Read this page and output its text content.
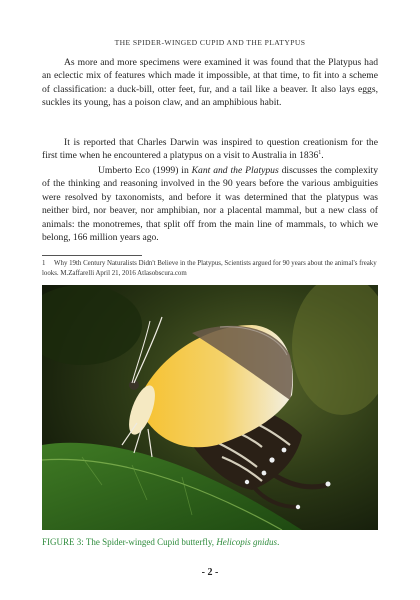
THE SPIDER-WINGED CUPID AND THE PLATYPUS

As more and more specimens were examined it was found that the Platypus had an eclectic mix of features which made it impossible, at that time, to fit into a scheme of classification: a duck-bill, otter feet, fur, and a tail like a beaver. It also lays eggs, suckles its young, has a poison claw, and an amphibious habit.

It is reported that Charles Darwin was inspired to question creationism for the first time when he encountered a platypus on a visit to Australia in 1836$^1$.

Umberto Eco (1999) in Kant and the Platypus discusses the complexity of the thinking and reasoning involved in the 90 years before the various ambiguities were resolved by taxonomists, and before it was determined that the platypus was neither bird, nor beaver, nor amphibian, nor a placental mammal, but a new class of animals: the monotremes, that split off from the main line of mammals, to which we belong, 166 million years ago.

1 Why 19th Century Naturalists Didn't Believe in the Platypus, Scientists argued for 90 years about the animal's freaky looks. M.Zaffarelli April 21, 2016 Atlasobscura.com

FIGURE 3: The Spider-winged Cupid butterfly, Helicopis gnidus.
- 2 -
